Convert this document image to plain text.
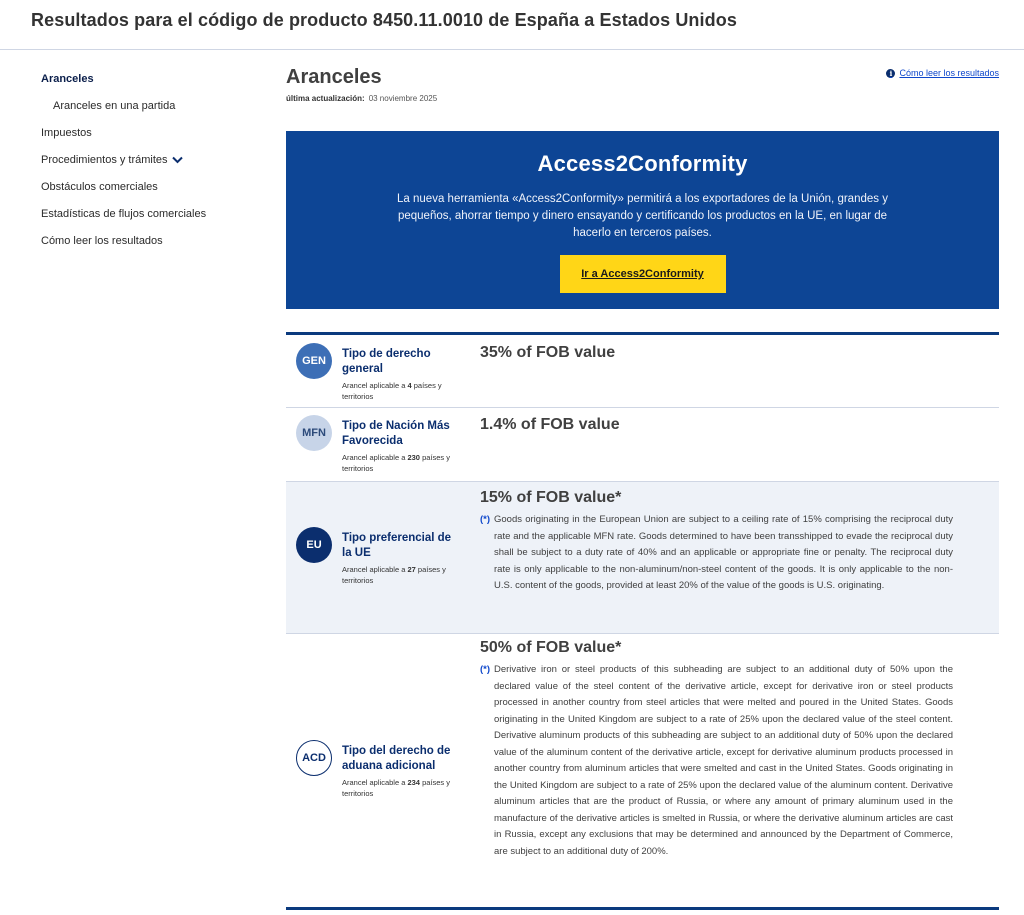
Resultados para el código de producto 8450.11.0010 de España a Estados Unidos
Aranceles
Aranceles en una partida
Impuestos
Procedimientos y trámites
Obstáculos comerciales
Estadísticas de flujos comerciales
Cómo leer los resultados
Aranceles
última actualización: 03 noviembre 2025
i Cómo leer los resultados
Access2Conformity

La nueva herramienta «Access2Conformity» permitirá a los exportadores de la Unión, grandes y pequeños, ahorrar tiempo y dinero ensayando y certificando los productos en la UE, en lugar de hacerlo en terceros países.

Ir a Access2Conformity
GEN
Tipo de derecho general
Arancel aplicable a 4 países y territorios
35% of FOB value
MFN
Tipo de Nación Más Favorecida
Arancel aplicable a 230 países y territorios
1.4% of FOB value
EU
Tipo preferencial de la UE
Arancel aplicable a 27 países y territorios
15% of FOB value*
(*) Goods originating in the European Union are subject to a ceiling rate of 15% comprising the reciprocal duty rate and the applicable MFN rate. Goods determined to have been transshipped to evade the reciprocal duty shall be subject to a duty rate of 40% and an applicable or appropriate fine or penalty. The reciprocal duty rate is only applicable to the non-aluminum/non-steel content of the goods. It is only applicable to the non-U.S. content of the goods, provided at least 20% of the value of the goods is U.S. originating.
ACD
Tipo del derecho de aduana adicional
Arancel aplicable a 234 países y territorios
50% of FOB value*
(*) Derivative iron or steel products of this subheading are subject to an additional duty of 50% upon the declared value of the steel content of the derivative article, except for derivative iron or steel products processed in another country from steel articles that were melted and poured in the United States. Goods originating in the United Kingdom are subject to a rate of 25% upon the declared value of the steel content. Derivative aluminum products of this subheading are subject to an additional duty of 50% upon the declared value of the aluminum content of the derivative article, except for derivative aluminum products processed in another country from aluminum articles that were smelted and cast in the United States. Goods originating in the United Kingdom are subject to a rate of 25% upon the declared value of the aluminum content. Derivative aluminum articles that are the product of Russia, or where any amount of primary aluminum used in the manufacture of the derivative articles is smelted in Russia, or where the derivative aluminum articles are cast in Russia, except any exclusions that may be determined and announced by the Department of Commerce, are subject to an additional duty of 200%.
